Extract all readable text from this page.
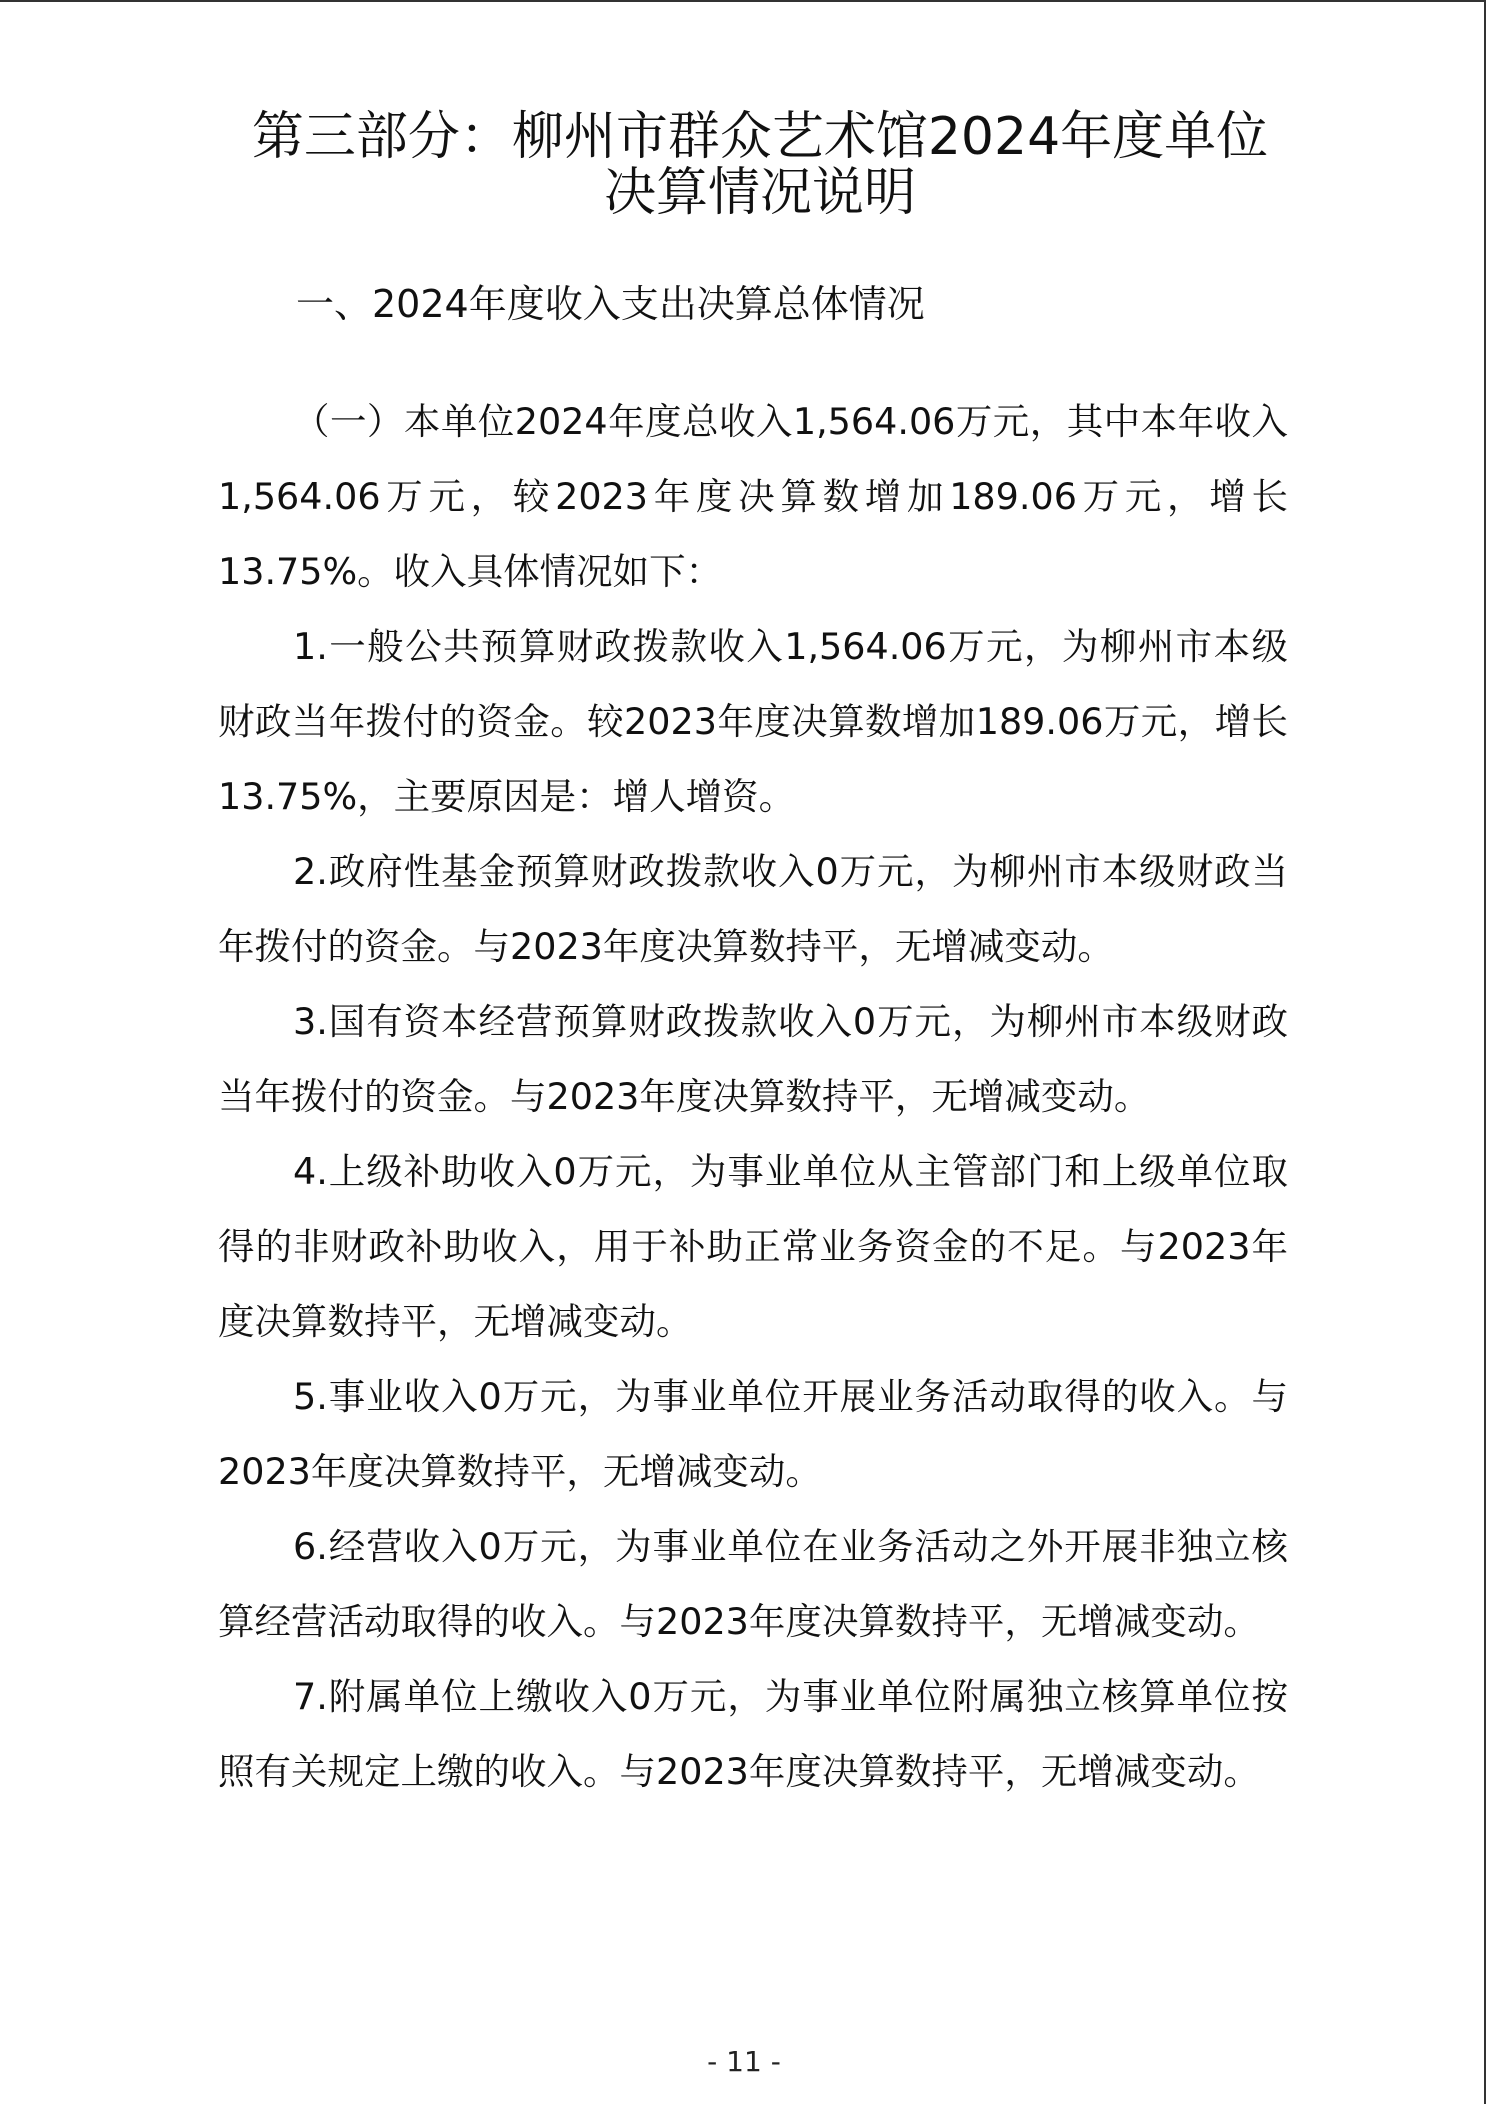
第三部分：柳州市群众艺术馆2024年度单位
决算情况说明
一、2024年度收入支出决算总体情况

（一）本单位2024年度总收入1,564.06万元，其中本年收入1,564.06万元，较2023年度决算数增加189.06万元，增长13.75%。收入具体情况如下：

1.一般公共预算财政拨款收入1,564.06万元，为柳州市本级财政当年拨付的资金。较2023年度决算数增加189.06万元，增长13.75%，主要原因是：增人增资。

2.政府性基金预算财政拨款收入0万元，为柳州市本级财政当年拨付的资金。与2023年度决算数持平，无增减变动。

3.国有资本经营预算财政拨款收入0万元，为柳州市本级财政当年拨付的资金。与2023年度决算数持平，无增减变动。

4.上级补助收入0万元，为事业单位从主管部门和上级单位取得的非财政补助收入，用于补助正常业务资金的不足。与2023年度决算数持平，无增减变动。

5.事业收入0万元，为事业单位开展业务活动取得的收入。与2023年度决算数持平，无增减变动。

6.经营收入0万元，为事业单位在业务活动之外开展非独立核算经营活动取得的收入。与2023年度决算数持平，无增减变动。

7.附属单位上缴收入0万元，为事业单位附属独立核算单位按照有关规定上缴的收入。与2023年度决算数持平，无增减变动。

- 11 -
